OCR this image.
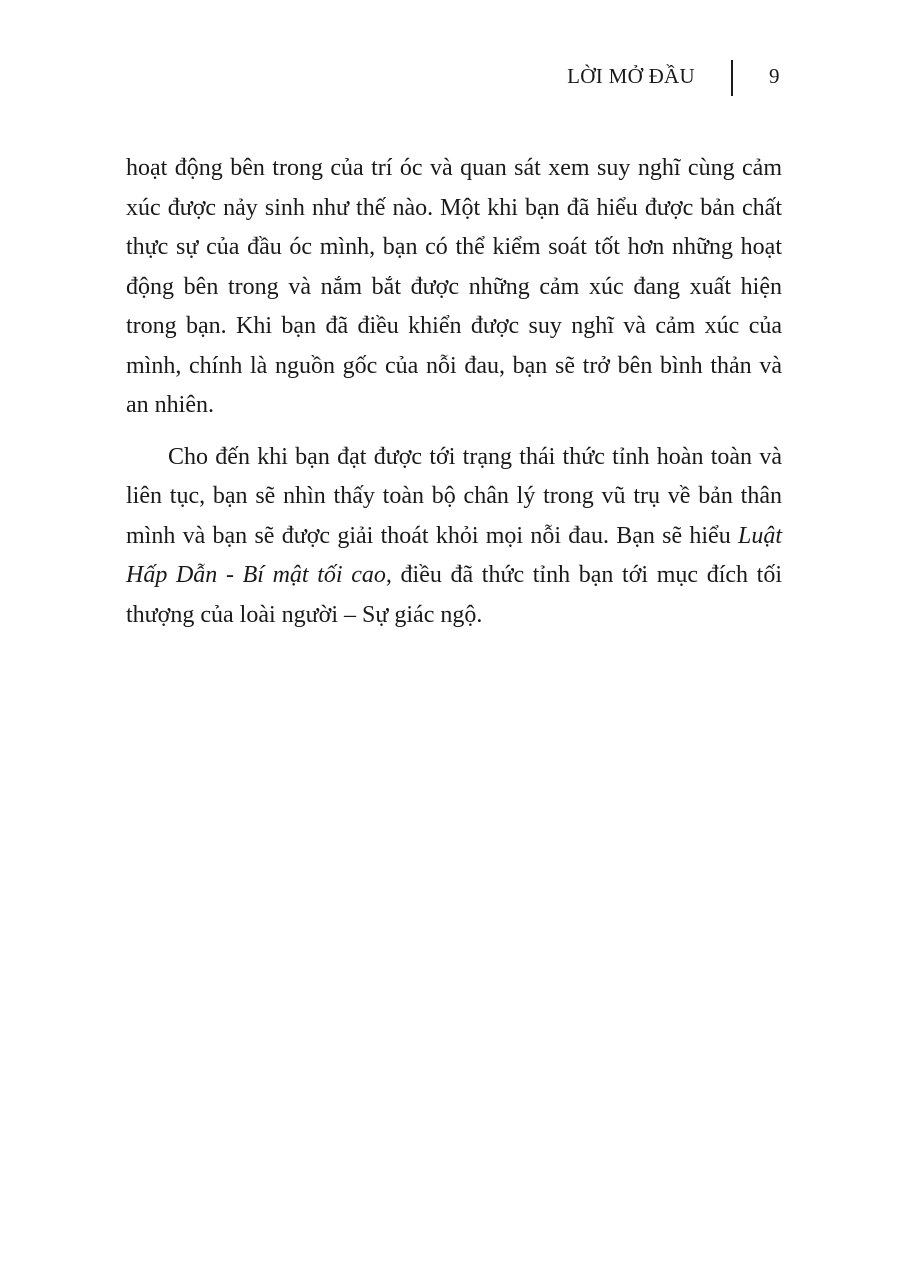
LỜI MỞ ĐẦU	9

hoạt động bên trong của trí óc và quan sát xem suy nghĩ cùng cảm xúc được nảy sinh như thế nào. Một khi bạn đã hiểu được bản chất thực sự của đầu óc mình, bạn có thể kiểm soát tốt hơn những hoạt động bên trong và nắm bắt được những cảm xúc đang xuất hiện trong bạn. Khi bạn đã điều khiển được suy nghĩ và cảm xúc của mình, chính là nguồn gốc của nỗi đau, bạn sẽ trở bên bình thản và an nhiên.

Cho đến khi bạn đạt được tới trạng thái thức tỉnh hoàn toàn và liên tục, bạn sẽ nhìn thấy toàn bộ chân lý trong vũ trụ về bản thân mình và bạn sẽ được giải thoát khỏi mọi nỗi đau. Bạn sẽ hiểu Luật Hấp Dẫn - Bí mật tối cao, điều đã thức tỉnh bạn tới mục đích tối thượng của loài người – Sự giác ngộ.
